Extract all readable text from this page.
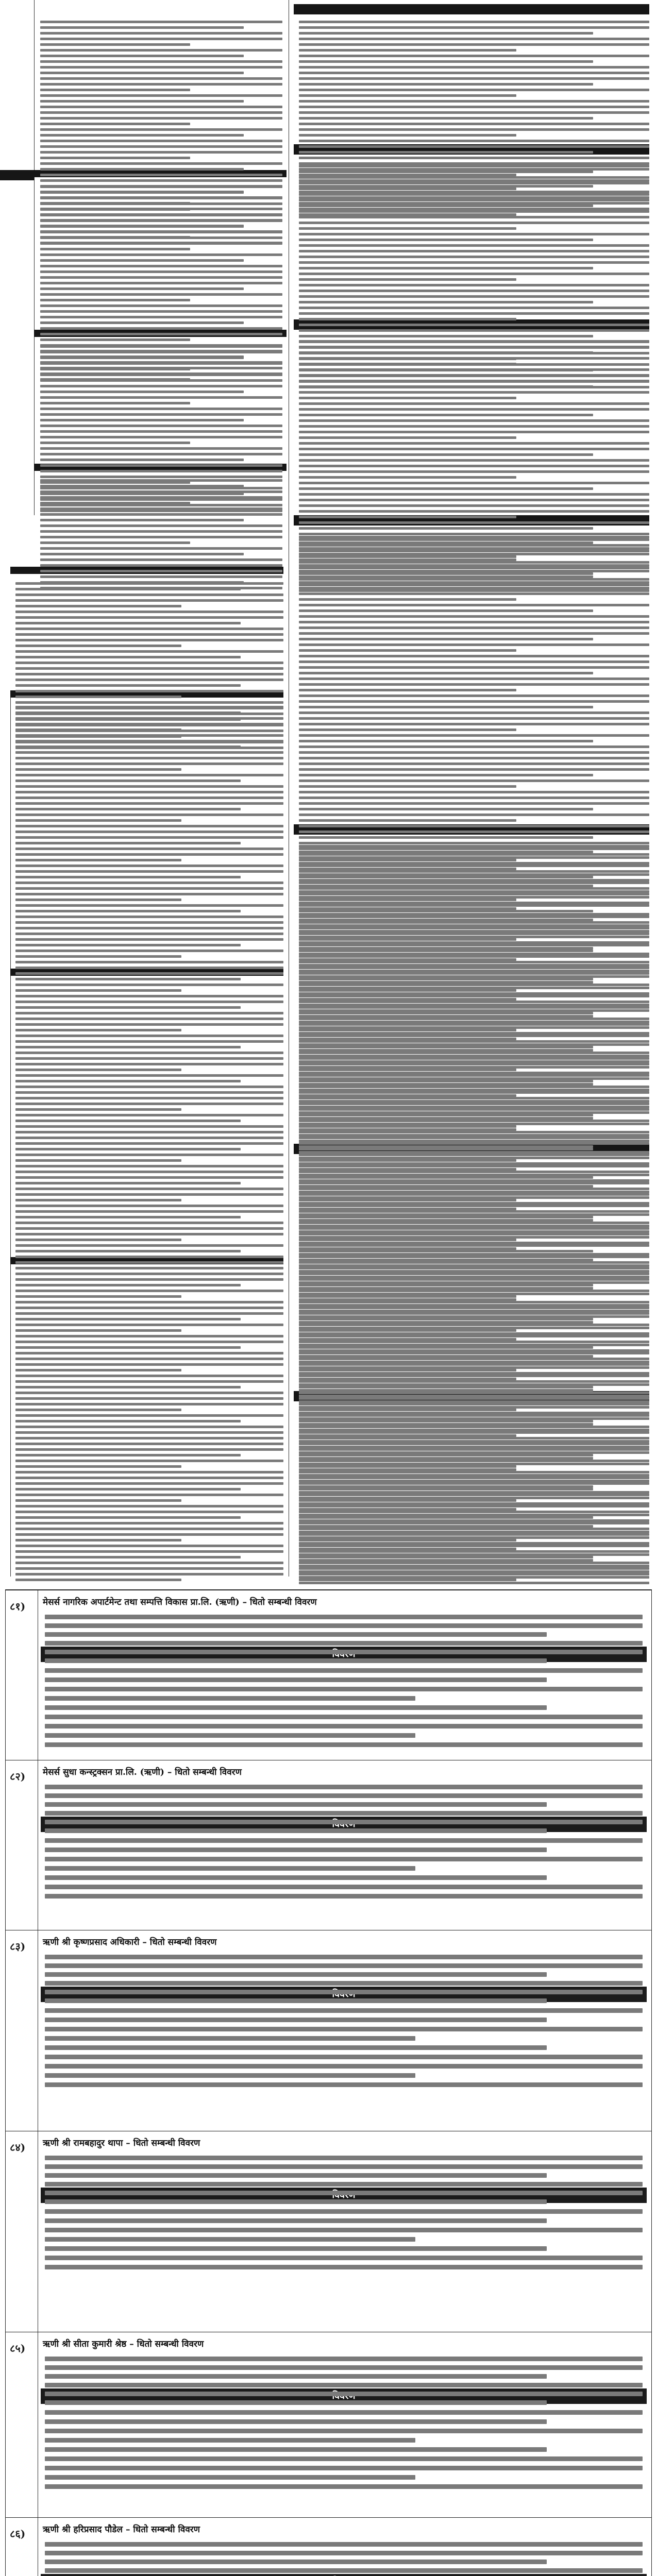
८१) मेसर्स नागरिक अपार्टमेन्ट तथा सम्पत्ति विकास प्रा.लि. (ऋणी) – धितो सम्बन्धी विवरण
८२) मेसर्स सुधा कन्स्ट्रक्सन प्रा.लि. (ऋणी) – धितो सम्बन्धी विवरण
८३) ऋणी श्री कृष्णप्रसाद अधिकारी – धितो सम्बन्धी विवरण
८४) ऋणी श्री रामबहादुर थापा – धितो सम्बन्धी विवरण
८५) ऋणी श्री सीता कुमारी श्रेष्ठ – धितो सम्बन्धी विवरण
८६) ऋणी श्री हरिप्रसाद पौडेल – धितो सम्बन्धी विवरण
